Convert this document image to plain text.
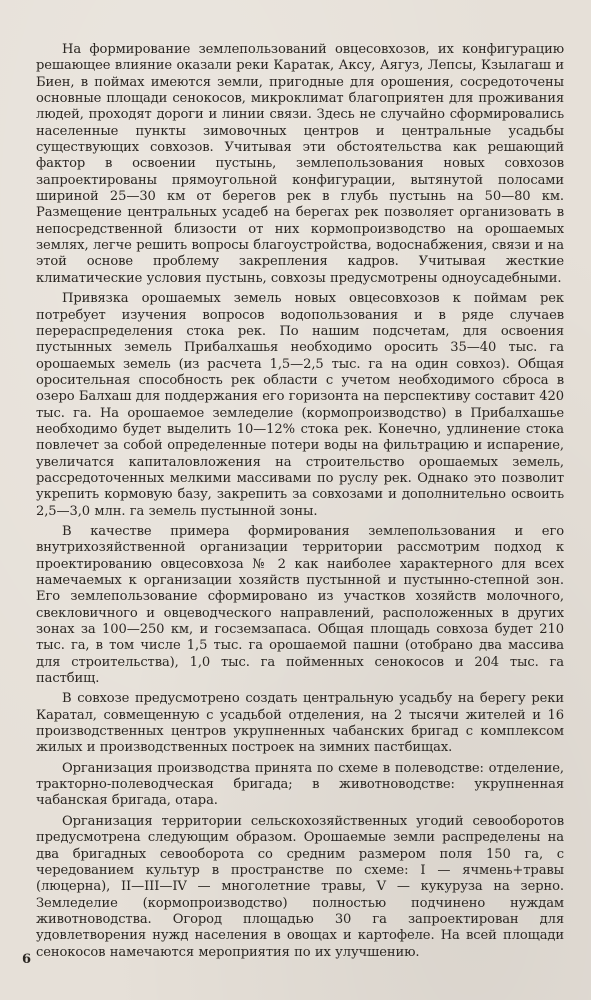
На формирование землепользований овцесовхозов, их конфигурацию решающее влияние оказали реки Каратак, Аксу, Аягуз, Лепсы, Кзылагаш и Биен, в поймах имеются земли, пригодные для орошения, сосредоточены основные площади сенокосов, микроклимат благоприятен для проживания людей, проходят дороги и линии связи. Здесь не случайно сформировались населенные пункты зимовочных центров и центральные усадьбы существующих совхозов. Учитывая эти обстоятельства как решающий фактор в освоении пустынь, землепользования новых совхозов запроектированы прямоугольной конфигурации, вытянутой полосами шириной 25—30 км от берегов рек в глубь пустынь на 50—80 км. Размещение центральных усадеб на берегах рек позволяет организовать в непосредственной близости от них кормопроизводство на орошаемых землях, легче решить вопросы благоустройства, водоснабжения, связи и на этой основе проблему закрепления кадров. Учитывая жесткие климатические условия пустынь, совхозы предусмотрены одноусадебными.

Привязка орошаемых земель новых овцесовхозов к поймам рек потребует изучения вопросов водопользования и в ряде случаев перераспределения стока рек. По нашим подсчетам, для освоения пустынных земель Прибалхашья необходимо оросить 35—40 тыс. га орошаемых земель (из расчета 1,5—2,5 тыс. га на один совхоз). Общая оросительная способность рек области с учетом необходимого сброса в озеро Балхаш для поддержания его горизонта на перспективу составит 420 тыс. га. На орошаемое земледелие (кормопроизводство) в Прибалхашье необходимо будет выделить 10—12% стока рек. Конечно, удлинение стока повлечет за собой определенные потери воды на фильтрацию и испарение, увеличатся капиталовложения на строительство орошаемых земель, рассредоточенных мелкими массивами по руслу рек. Однако это позволит укрепить кормовую базу, закрепить за совхозами и дополнительно освоить 2,5—3,0 млн. га земель пустынной зоны.

В качестве примера формирования землепользования и его внутрихозяйственной организации территории рассмотрим подход к проектированию овцесовхоза № 2 как наиболее характерного для всех намечаемых к организации хозяйств пустынной и пустынно-степной зон. Его землепользование сформировано из участков хозяйств молочного, свекловичного и овцеводческого направлений, расположенных в других зонах за 100—250 км, и госземзапаса. Общая площадь совхоза будет 210 тыс. га, в том числе 1,5 тыс. га орошаемой пашни (отобрано два массива для строительства), 1,0 тыс. га пойменных сенокосов и 204 тыс. га пастбищ.

В совхозе предусмотрено создать центральную усадьбу на берегу реки Каратал, совмещенную с усадьбой отделения, на 2 тысячи жителей и 16 производственных центров укрупненных чабанских бригад с комплексом жилых и производственных построек на зимних пастбищах.

Организация производства принята по схеме в полеводстве: отделение, тракторно-полеводческая бригада; в животноводстве: укрупненная чабанская бригада, отара.

Организация территории сельскохозяйственных угодий севооборотов предусмотрена следующим образом. Орошаемые земли распределены на два бригадных севооборота со средним размером поля 150 га, с чередованием культур в пространстве по схеме: I — ячмень+травы (люцерна), II—III—IV — многолетние травы, V — кукуруза на зерно. Земледелие (кормопроизводство) полностью подчинено нуждам животноводства. Огород площадью 30 га запроектирован для удовлетворения нужд населения в овощах и картофеле. На всей площади сенокосов намечаются мероприятия по их улучшению.

6
